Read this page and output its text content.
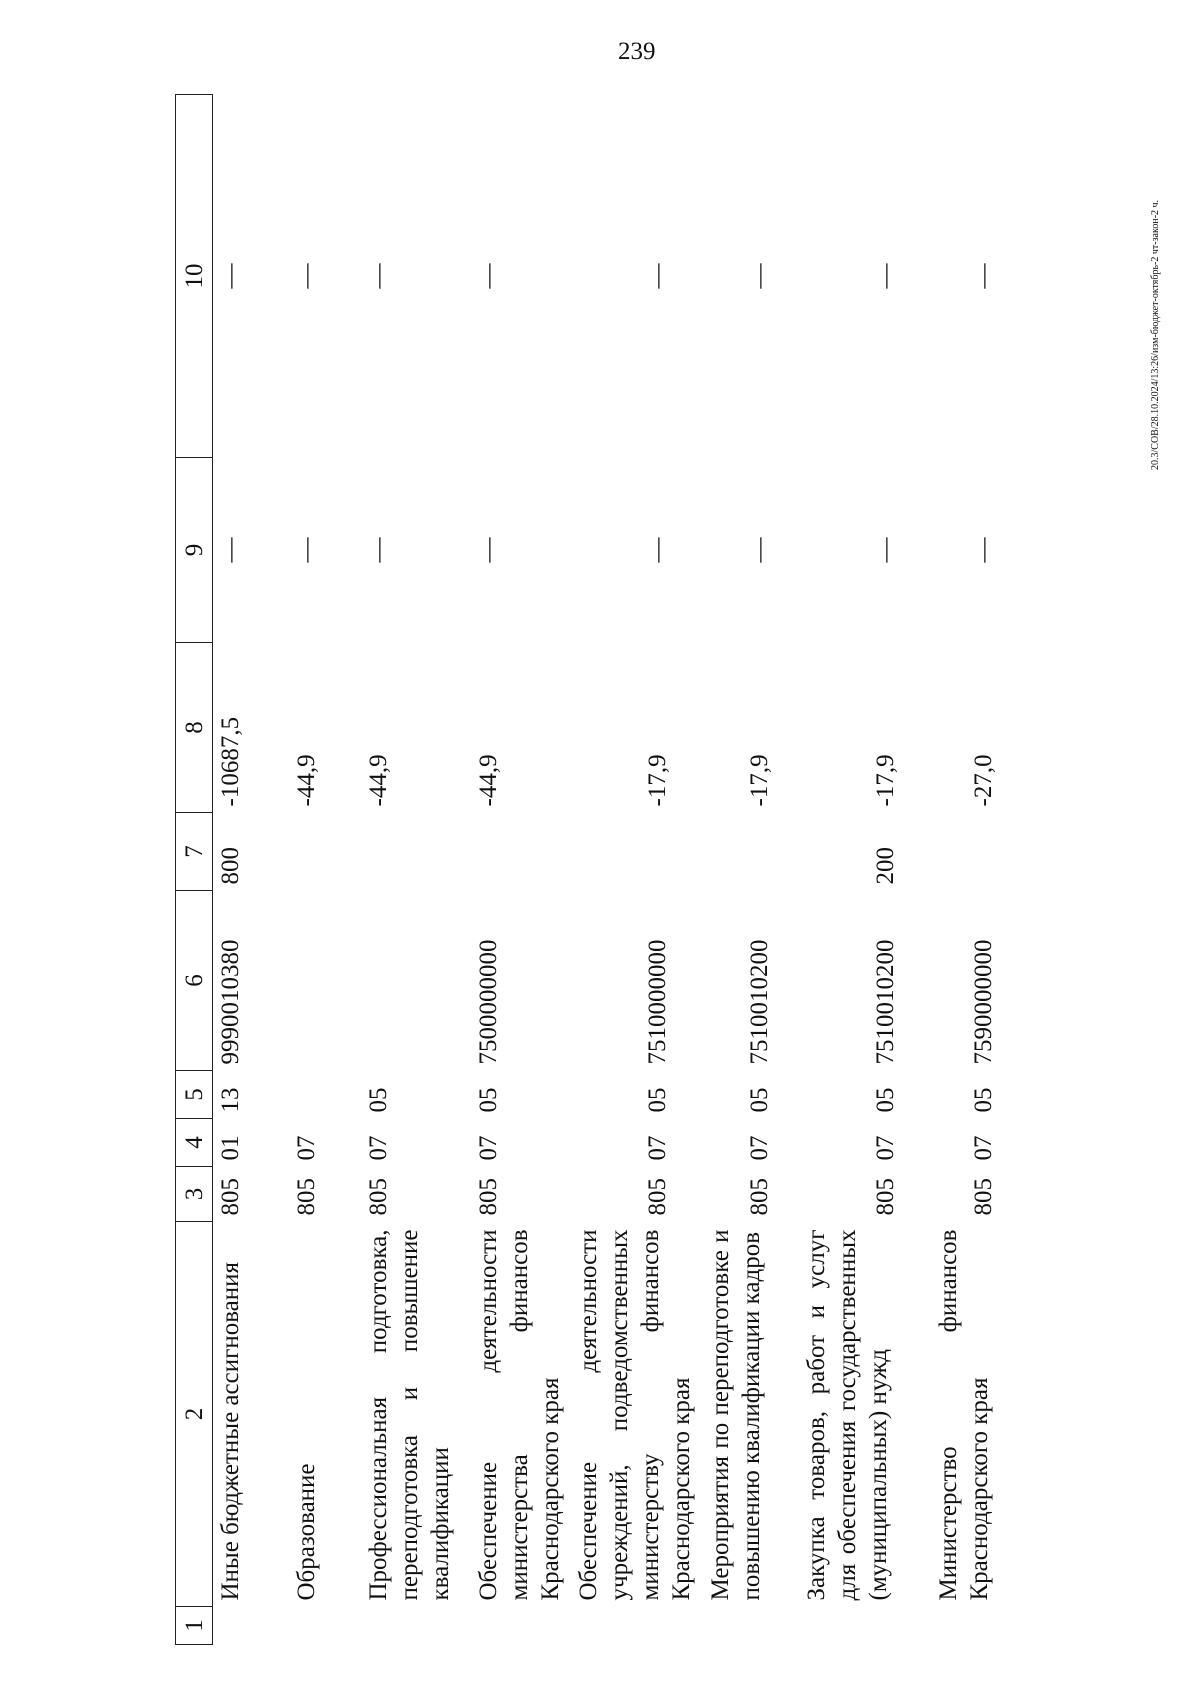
239
20.3/СОВ/28.10.2024/13:26/изм-бюджет-октябрь-2 чт-закон-2 ч.
1	2	3	4	5	6	7	8	9	10
	Иные бюджетные ассигнования	805	01	13	9990010380	800	-10687,5	—	—
	Образование	805	07				-44,9	—	—
	Профессиональная подготовка, переподготовка и повышение квалификации	805	07	05			-44,9	—	—
	Обеспечение деятельности министерства финансов Краснодарского края	805	07	05	7500000000		-44,9	—	—
	Обеспечение деятельности учреждений, подведомственных министерству финансов Краснодарского края	805	07	05	7510000000		-17,9	—	—
	Мероприятия по переподготовке и повышению квалификации кадров	805	07	05	7510010200		-17,9	—	—
	Закупка товаров, работ и услуг для обеспечения государственных (муниципальных) нужд	805	07	05	7510010200	200	-17,9	—	—
	Министерство финансов Краснодарского края	805	07	05	7590000000		-27,0	—	—
